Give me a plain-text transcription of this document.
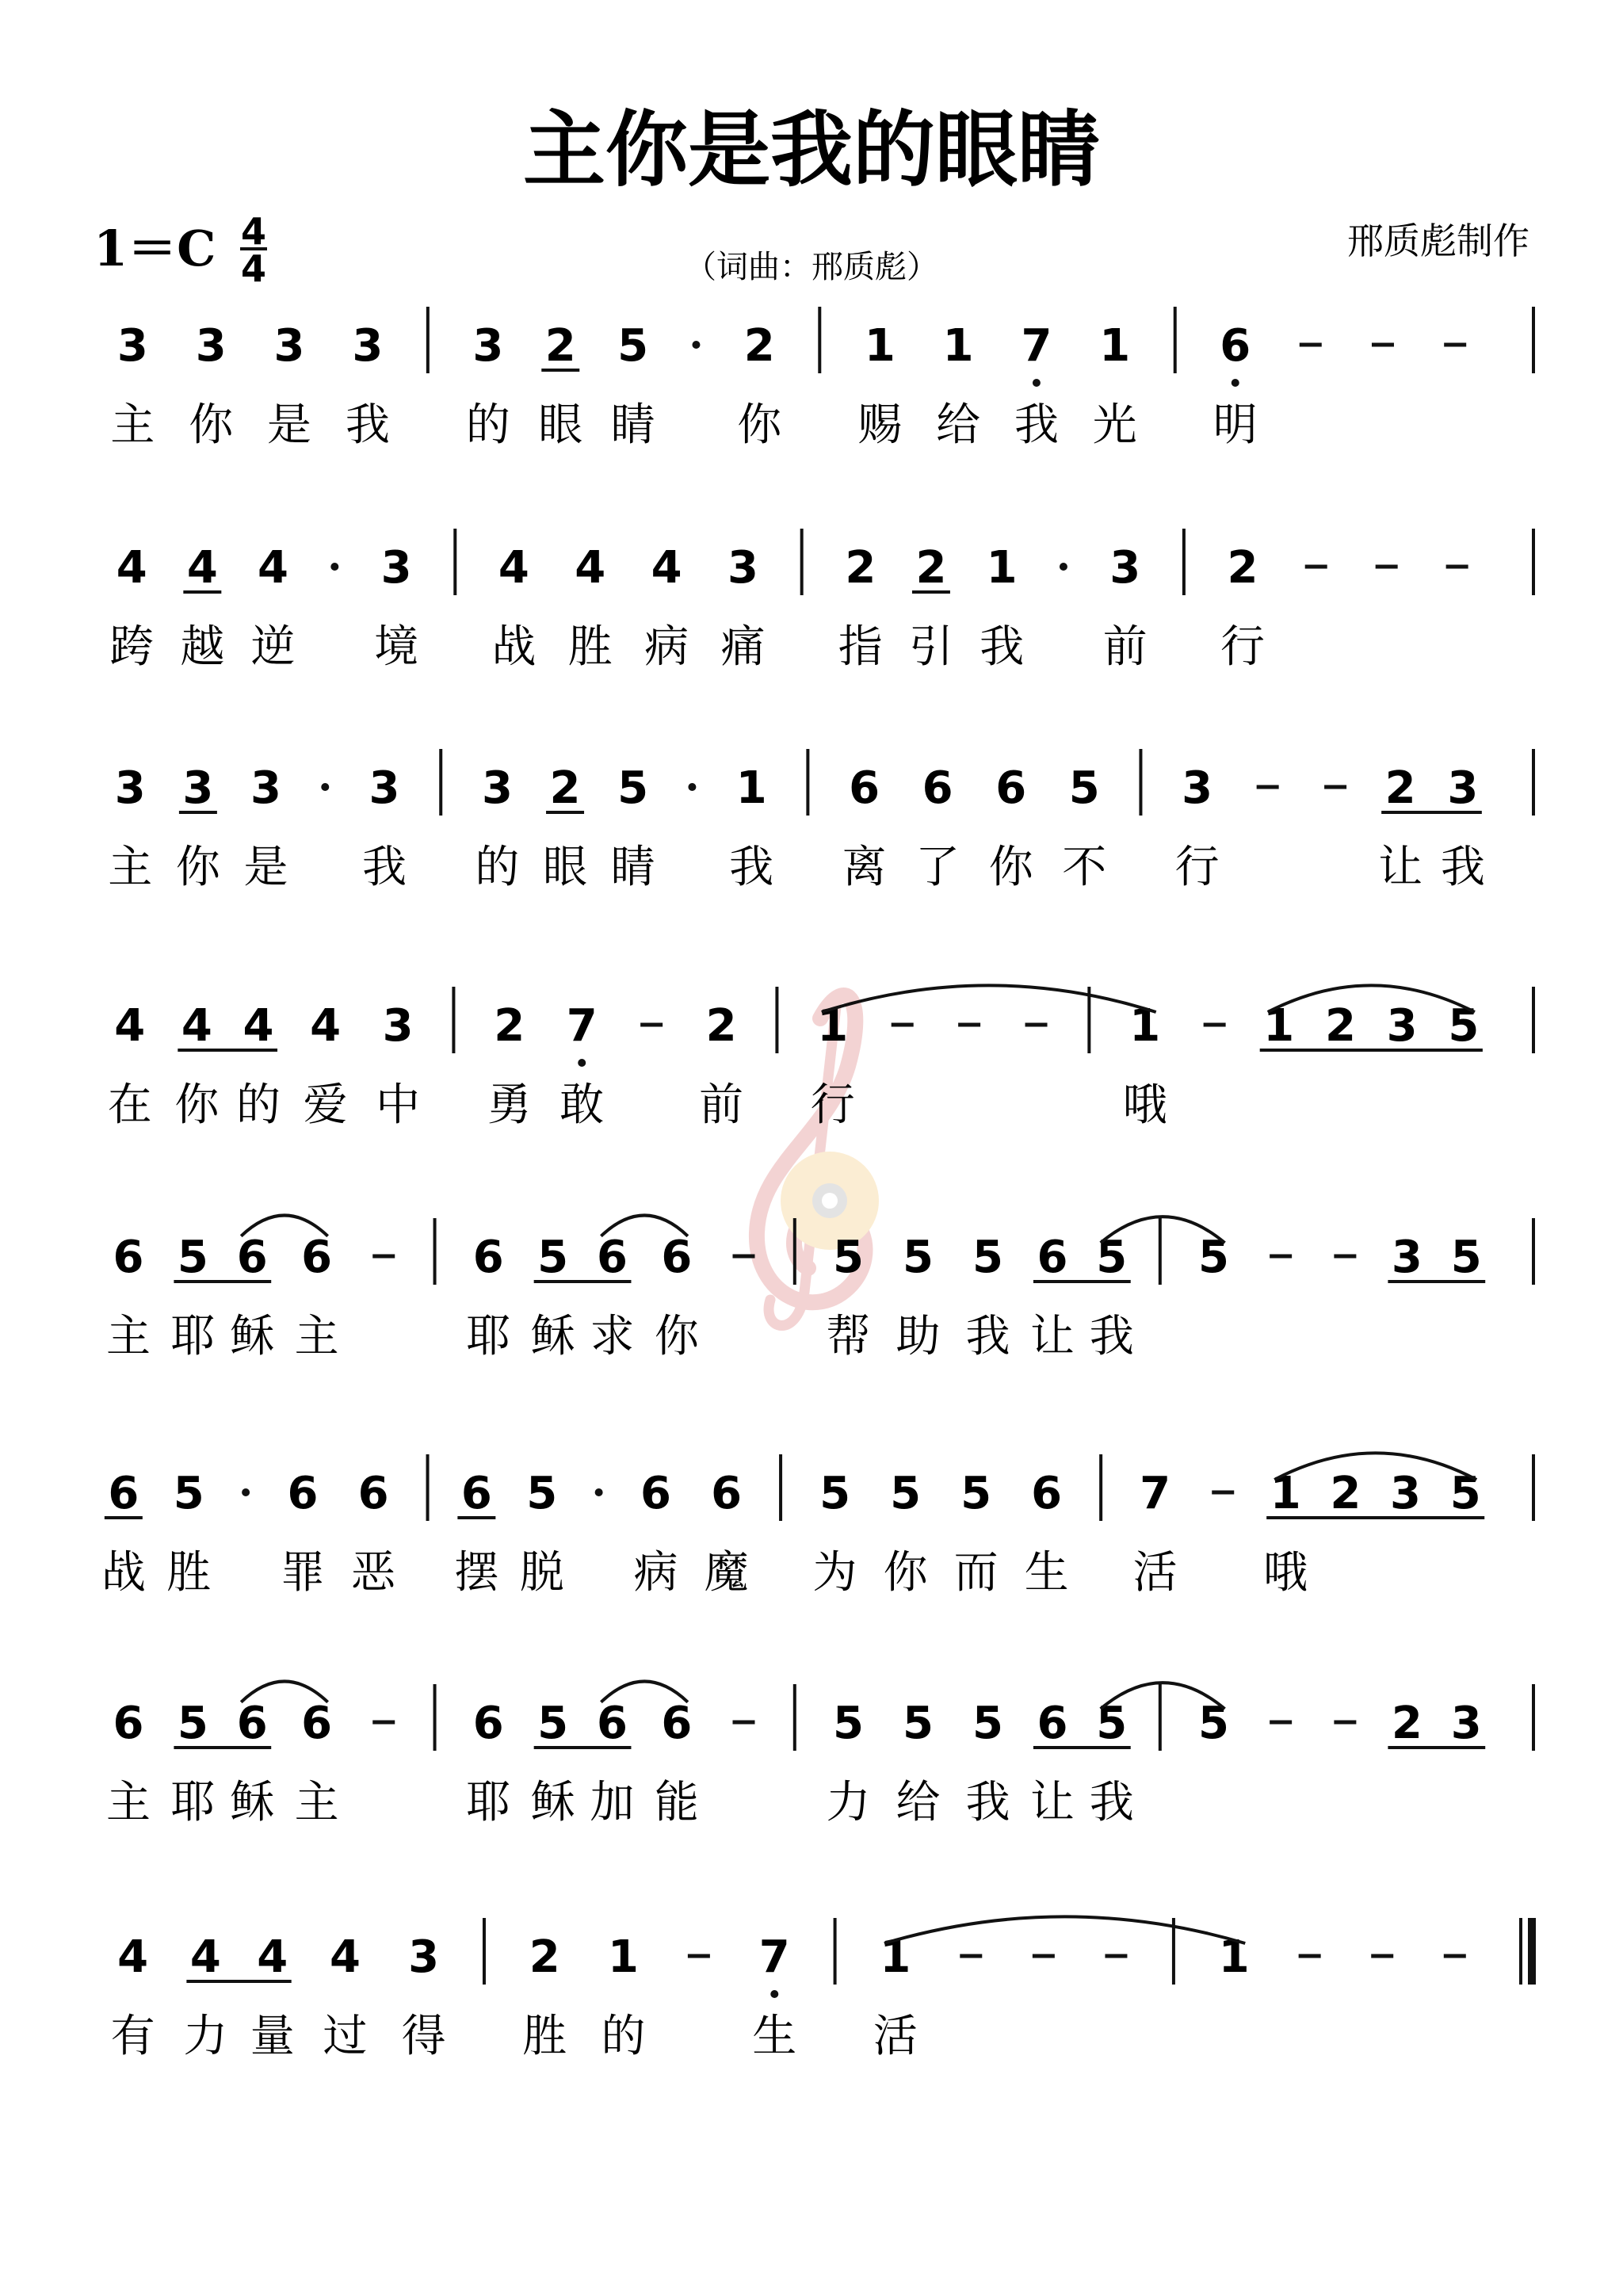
主你是我的眼睛
1＝C 4
4	（词曲：邢质彪）
邢质彪制作
3 3 3 3 3 2 5 2 1 1 7 1 6
主 你 是 我 的 眼 睛 你 赐 给 我 光 明
4 4 4 3 4 4 4 3 2 2 1 3 2
跨 越 逆 境 战 胜 病 痛 指 引 我 前 行
3 3 3 3 3 2 5 1 6 6 6 5 3	2 3
主 你 是 我 的 眼 睛 我 离 了 你 不 行	让 我
4 4 4 4 3 2 7 2 1	1 1 2 3 5
在 你 的 爱 中 勇 敢 前 行	哦
6 5 6 6	6 5 6 6	5 5 5 6 5 5	3 5
主 耶 稣 主	耶 稣 求 你	帮 助 我 让 我
6 5 6 6 6 5 6 6 5 5 5 6 7 1 2 3 5
战 胜 罪 恶 摆 脱 病 魔 为 你 而 生 活 哦
6 5 6 6	6 5 6 6	5 5 5 6 5 5	2 3
主 耶 稣 主	耶 稣 加 能	力 给 我 让 我
4 4 4 4 3 2 1	7 1	1
有 力 量 过 得 胜 的 生 活
